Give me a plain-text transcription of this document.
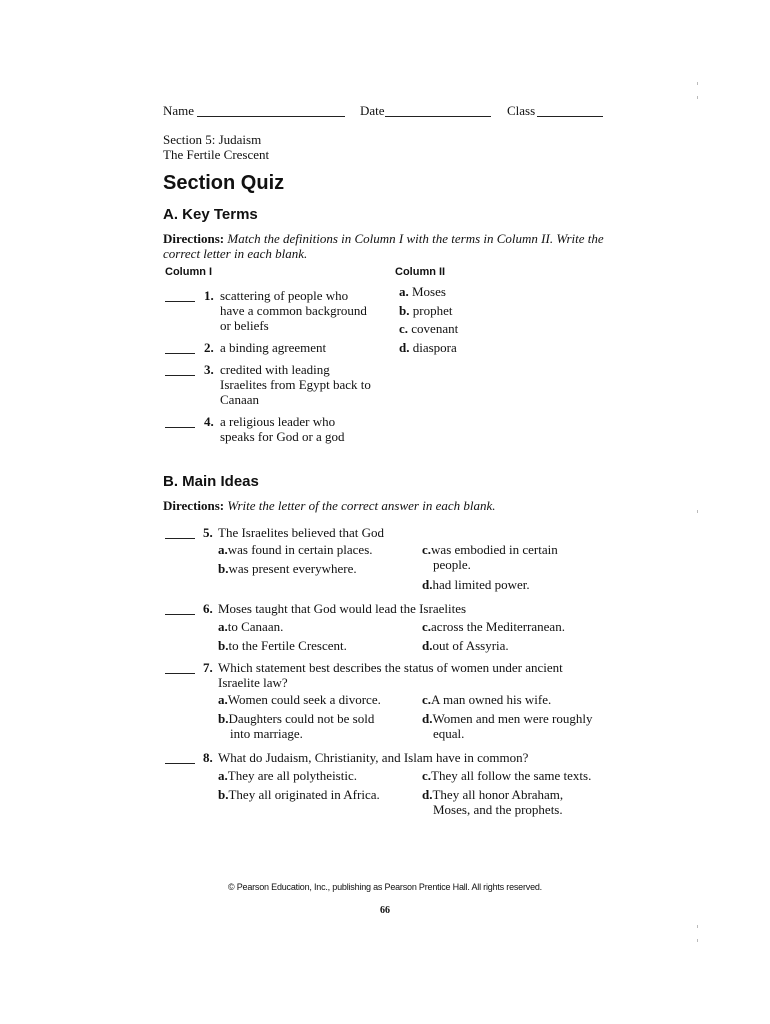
Name	Date	Class
Section 5: Judaism
The Fertile Crescent
Section Quiz
A. Key Terms
Directions: Match the definitions in Column I with the terms in Column II. Write the
correct letter in each blank.
Column I	Column II
1. scattering of people who
have a common background
or beliefs
2. a binding agreement
3. credited with leading
Israelites from Egypt back to
Canaan
4. a religious leader who
speaks for God or a god
a. Moses
b. prophet
c. covenant
d. diaspora
B. Main Ideas
Directions: Write the letter of the correct answer in each blank.
5. The Israelites believed that God
a.was found in certain places.
b.was present everywhere.
c.was embodied in certain
people.
d.had limited power.
6. Moses taught that God would lead the Israelites
a.to Canaan.
b.to the Fertile Crescent.
c.across the Mediterranean.
d.out of Assyria.
7. Which statement best describes the status of women under ancient
Israelite law?
a.Women could seek a divorce.
b.Daughters could not be sold
into marriage.
c.A man owned his wife.
d.Women and men were roughly
equal.
8. What do Judaism, Christianity, and Islam have in common?
a.They are all polytheistic.
b.They all originated in Africa.
c.They all follow the same texts.
d.They all honor Abraham,
Moses, and the prophets.
© Pearson Education, Inc., publishing as Pearson Prentice Hall. All rights reserved.
66
